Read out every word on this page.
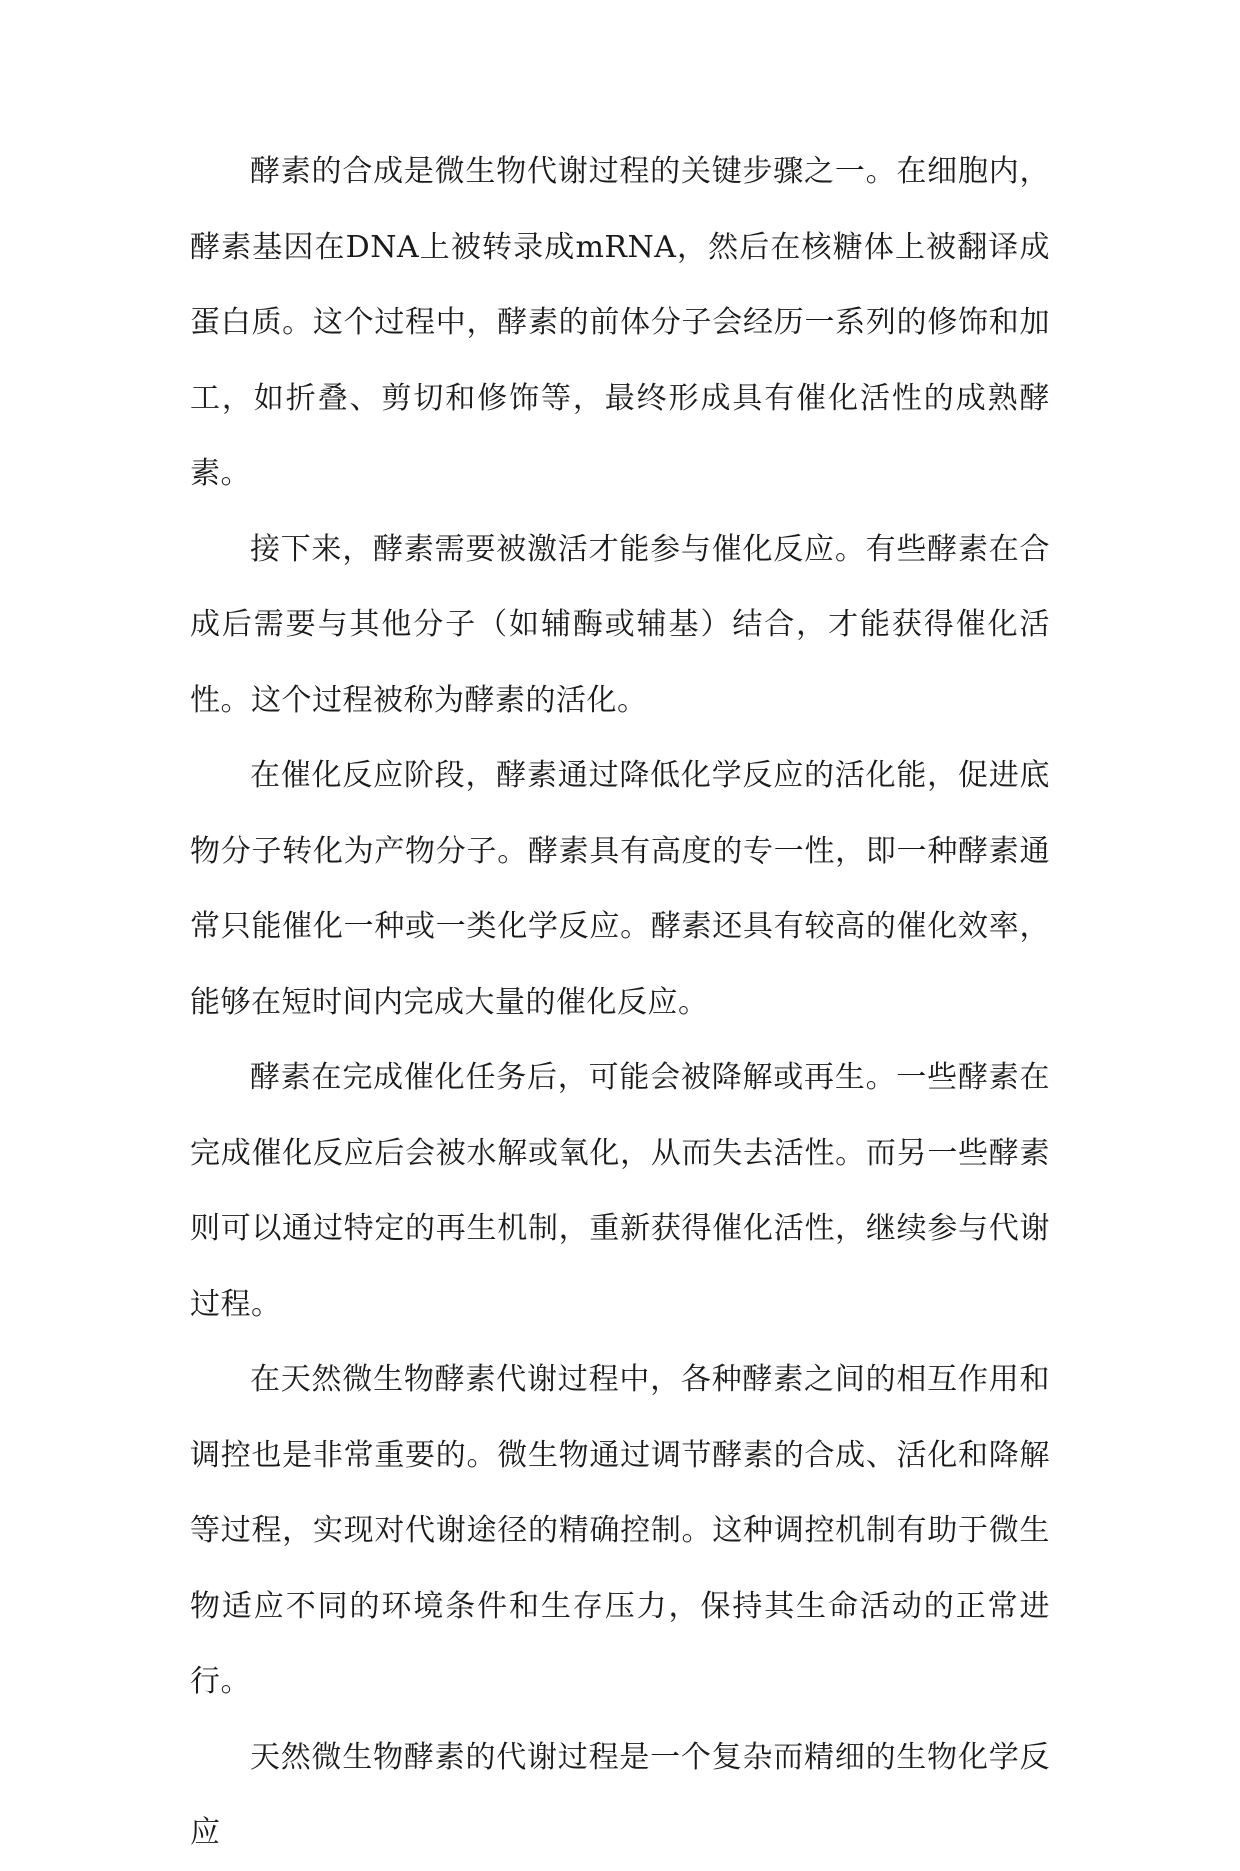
酵素的合成是微生物代谢过程的关键步骤之一。在细胞内，酵素基因在DNA上被转录成mRNA，然后在核糖体上被翻译成蛋白质。这个过程中，酵素的前体分子会经历一系列的修饰和加工，如折叠、剪切和修饰等，最终形成具有催化活性的成熟酵素。

接下来，酵素需要被激活才能参与催化反应。有些酵素在合成后需要与其他分子（如辅酶或辅基）结合，才能获得催化活性。这个过程被称为酵素的活化。

在催化反应阶段，酵素通过降低化学反应的活化能，促进底物分子转化为产物分子。酵素具有高度的专一性，即一种酵素通常只能催化一种或一类化学反应。酵素还具有较高的催化效率，能够在短时间内完成大量的催化反应。

酵素在完成催化任务后，可能会被降解或再生。一些酵素在完成催化反应后会被水解或氧化，从而失去活性。而另一些酵素则可以通过特定的再生机制，重新获得催化活性，继续参与代谢过程。

在天然微生物酵素代谢过程中，各种酵素之间的相互作用和调控也是非常重要的。微生物通过调节酵素的合成、活化和降解等过程，实现对代谢途径的精确控制。这种调控机制有助于微生物适应不同的环境条件和生存压力，保持其生命活动的正常进行。

天然微生物酵素的代谢过程是一个复杂而精细的生物化学反应
